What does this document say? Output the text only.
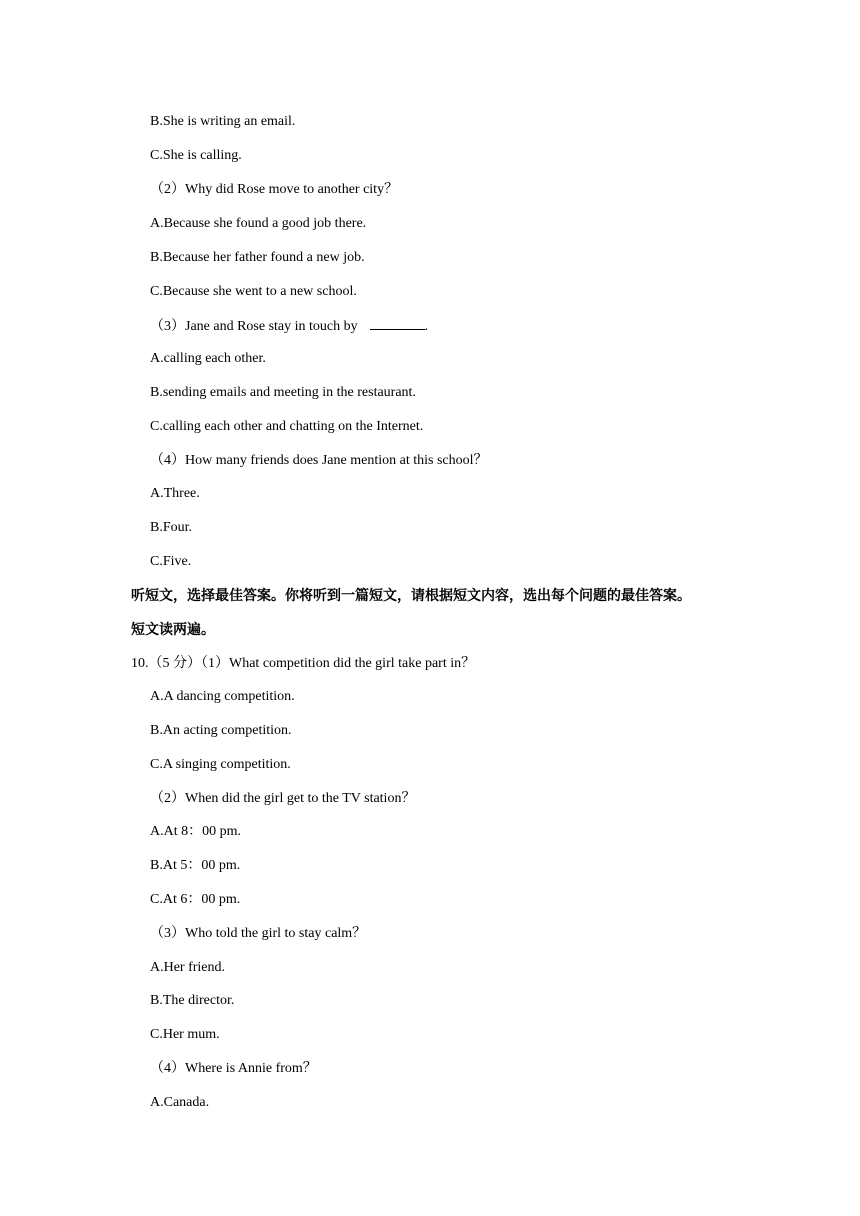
B.She is writing an email.
C.She is calling.
（2）Why did Rose move to another city？
A.Because she found a good job there.
B.Because her father found a new job.
C.Because she went to a new school.
（3）Jane and Rose stay in touch by	.
A.calling each other.
B.sending emails and meeting in the restaurant.
C.calling each other and chatting on the Internet.
（4）How many friends does Jane mention at this school？
A.Three.
B.Four.
C.Five.
听短文，选择最佳答案。你将听到一篇短文，请根据短文内容，选出每个问题的最佳答案。
短文读两遍。
10.（5 分）（1）What competition did the girl take part in？
A.A dancing competition.
B.An acting competition.
C.A singing competition.
（2）When did the girl get to the TV station？
A.At 8：00 pm.
B.At 5：00 pm.
C.At 6：00 pm.
（3）Who told the girl to stay calm？
A.Her friend.
B.The director.
C.Her mum.
（4）Where is Annie from？
A.Canada.
